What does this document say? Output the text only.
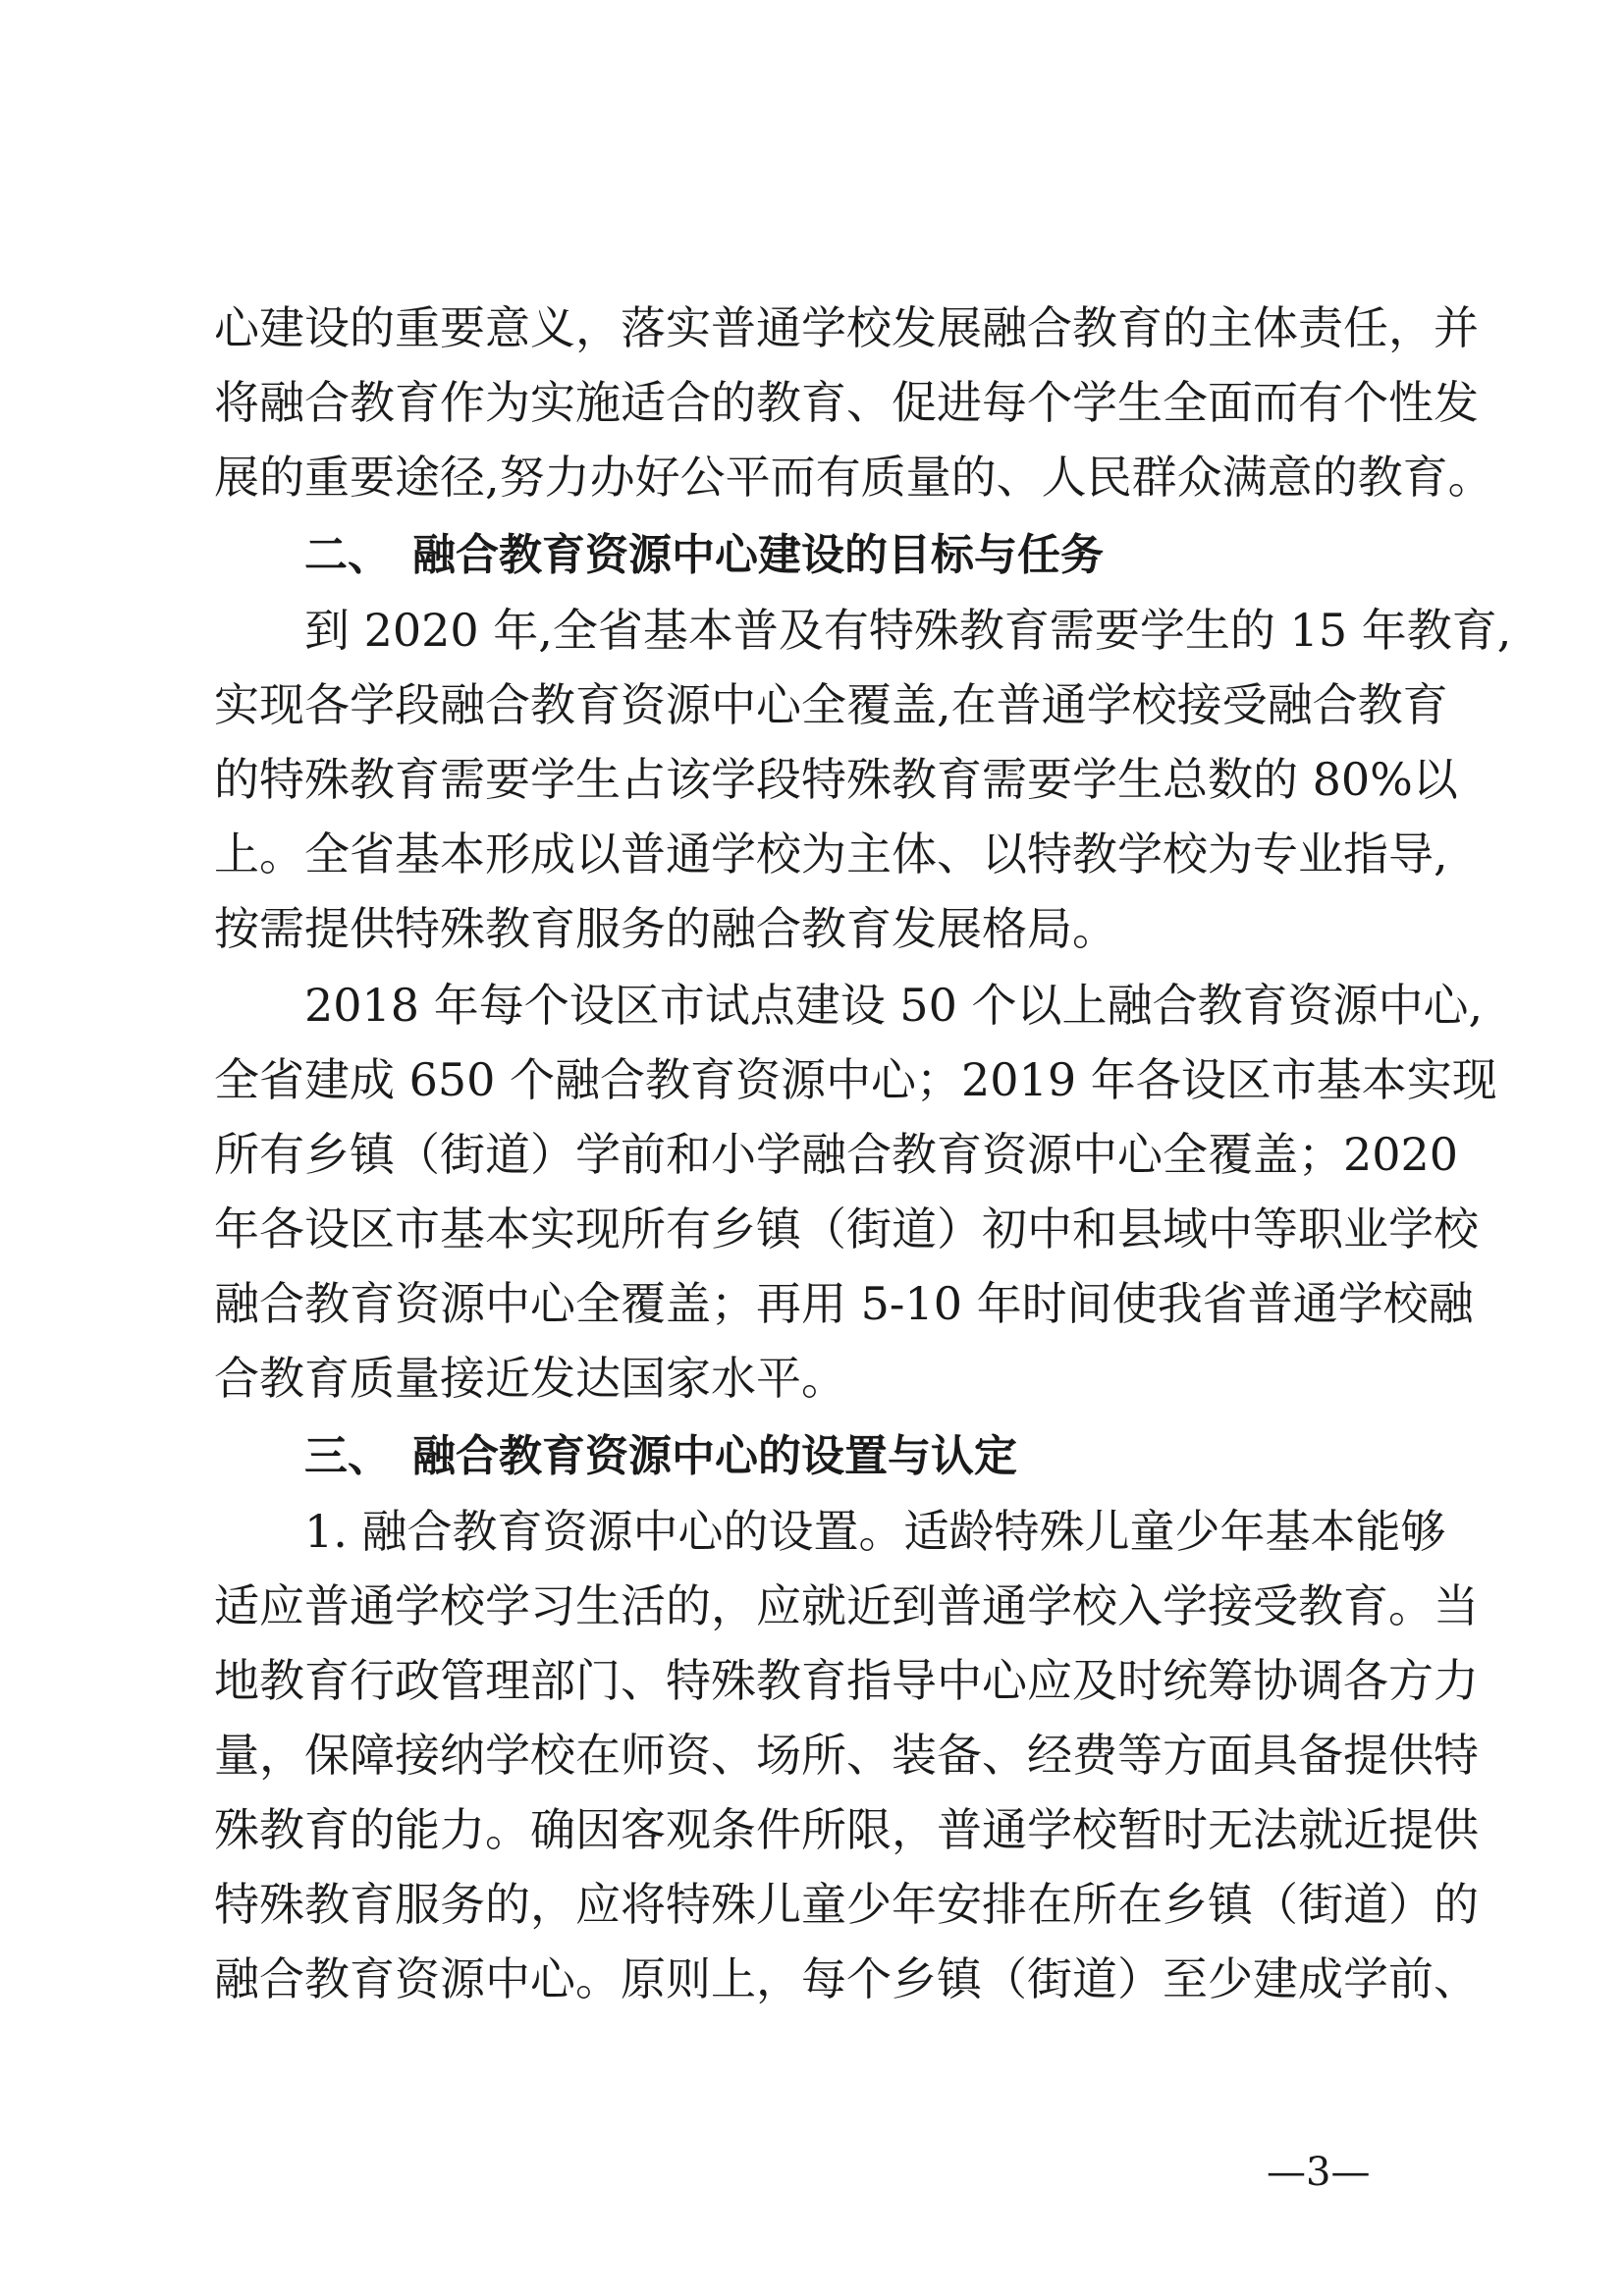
心建设的重要意义，落实普通学校发展融合教育的主体责任，并
将融合教育作为实施适合的教育、促进每个学生全面而有个性发
展的重要途径,努力办好公平而有质量的、人民群众满意的教育。
二、 融合教育资源中心建设的目标与任务
到 2020 年,全省基本普及有特殊教育需要学生的 15 年教育,
实现各学段融合教育资源中心全覆盖,在普通学校接受融合教育
的特殊教育需要学生占该学段特殊教育需要学生总数的 80%以
上。全省基本形成以普通学校为主体、以特教学校为专业指导,
按需提供特殊教育服务的融合教育发展格局。
2018 年每个设区市试点建设 50 个以上融合教育资源中心,
全省建成 650 个融合教育资源中心；2019 年各设区市基本实现
所有乡镇（街道）学前和小学融合教育资源中心全覆盖；2020
年各设区市基本实现所有乡镇（街道）初中和县域中等职业学校
融合教育资源中心全覆盖；再用 5-10 年时间使我省普通学校融
合教育质量接近发达国家水平。
三、 融合教育资源中心的设置与认定
1. 融合教育资源中心的设置。适龄特殊儿童少年基本能够
适应普通学校学习生活的，应就近到普通学校入学接受教育。当
地教育行政管理部门、特殊教育指导中心应及时统筹协调各方力
量，保障接纳学校在师资、场所、装备、经费等方面具备提供特
殊教育的能力。确因客观条件所限，普通学校暂时无法就近提供
特殊教育服务的，应将特殊儿童少年安排在所在乡镇（街道）的
融合教育资源中心。原则上，每个乡镇（街道）至少建成学前、
—3—
